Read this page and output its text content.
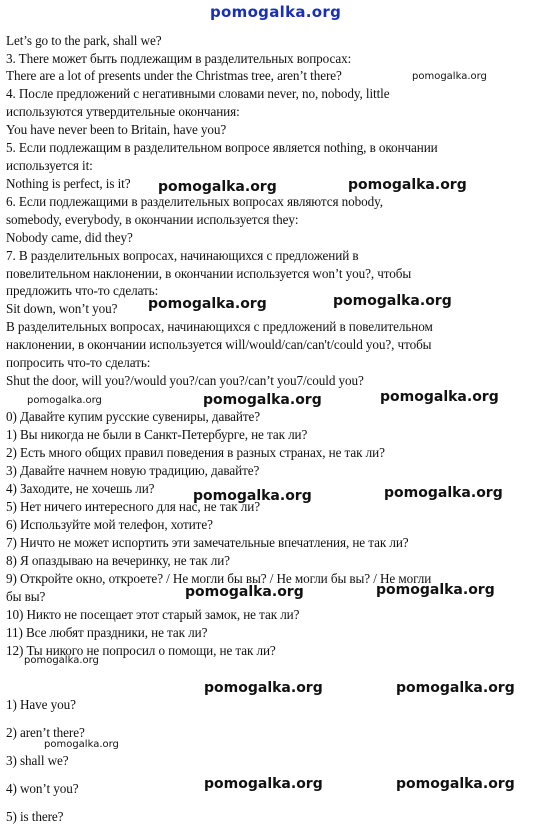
pomogalka.org
Let’s go to the park, shall we?
3. There может быть подлежащим в разделительных вопросах:
There are a lot of presents under the Christmas tree, aren’t there?
4. После предложений с негативными словами never, no, nobody, little
используются утвердительные окончания:
You have never been to Britain, have you?
5. Если подлежащим в разделительном вопросе является nothing, в окончании
используется it:
Nothing is perfect, is it?
6. Если подлежащими в разделительных вопросах являются nobody,
somebody, everybody, в окончании используется they:
Nobody came, did they?
7. В разделительных вопросах, начинающихся с предложений в
повелительном наклонении, в окончании используется won’t you?, чтобы
предложить что-то сделать:
Sit down, won’t you?
В разделительных вопросах, начинающихся с предложений в повелительном
наклонении, в окончании используется will/would/can/can't/could you?, чтобы
попросить что-то сделать:
Shut the door, will you?/would you?/can you?/can’t you7/could you?
0) Давайте купим русские сувениры, давайте?
1) Вы никогда не были в Санкт-Петербурге, не так ли?
2) Есть много общих правил поведения в разных странах, не так ли?
3) Давайте начнем новую традицию, давайте?
4) Заходите, не хочешь ли?
5) Нет ничего интересного для нас, не так ли?
6) Используйте мой телефон, хотите?
7) Ничто не может испортить эти замечательные впечатления, не так ли?
8) Я опаздываю на вечеринку, не так ли?
9) Откройте окно, откроете? / Не могли бы вы? / Не могли бы вы? / Не могли
бы вы?
10) Никто не посещает этот старый замок, не так ли?
11) Все любят праздники, не так ли?
12) Ты никого не попросил о помощи, не так ли?
1) Have you?
2) aren’t there?
3) shall we?
4) won’t you?
5) is there?
pomogalka.org
pomogalka.org	pomogalka.org
pomogalka.org	pomogalka.org
pomogalka.org	pomogalka.org	pomogalka.org
pomogalka.org	pomogalka.org
pomogalka.org	pomogalka.org
pomogalka.org
pomogalka.org	pomogalka.org
pomogalka.org
pomogalka.org	pomogalka.org
